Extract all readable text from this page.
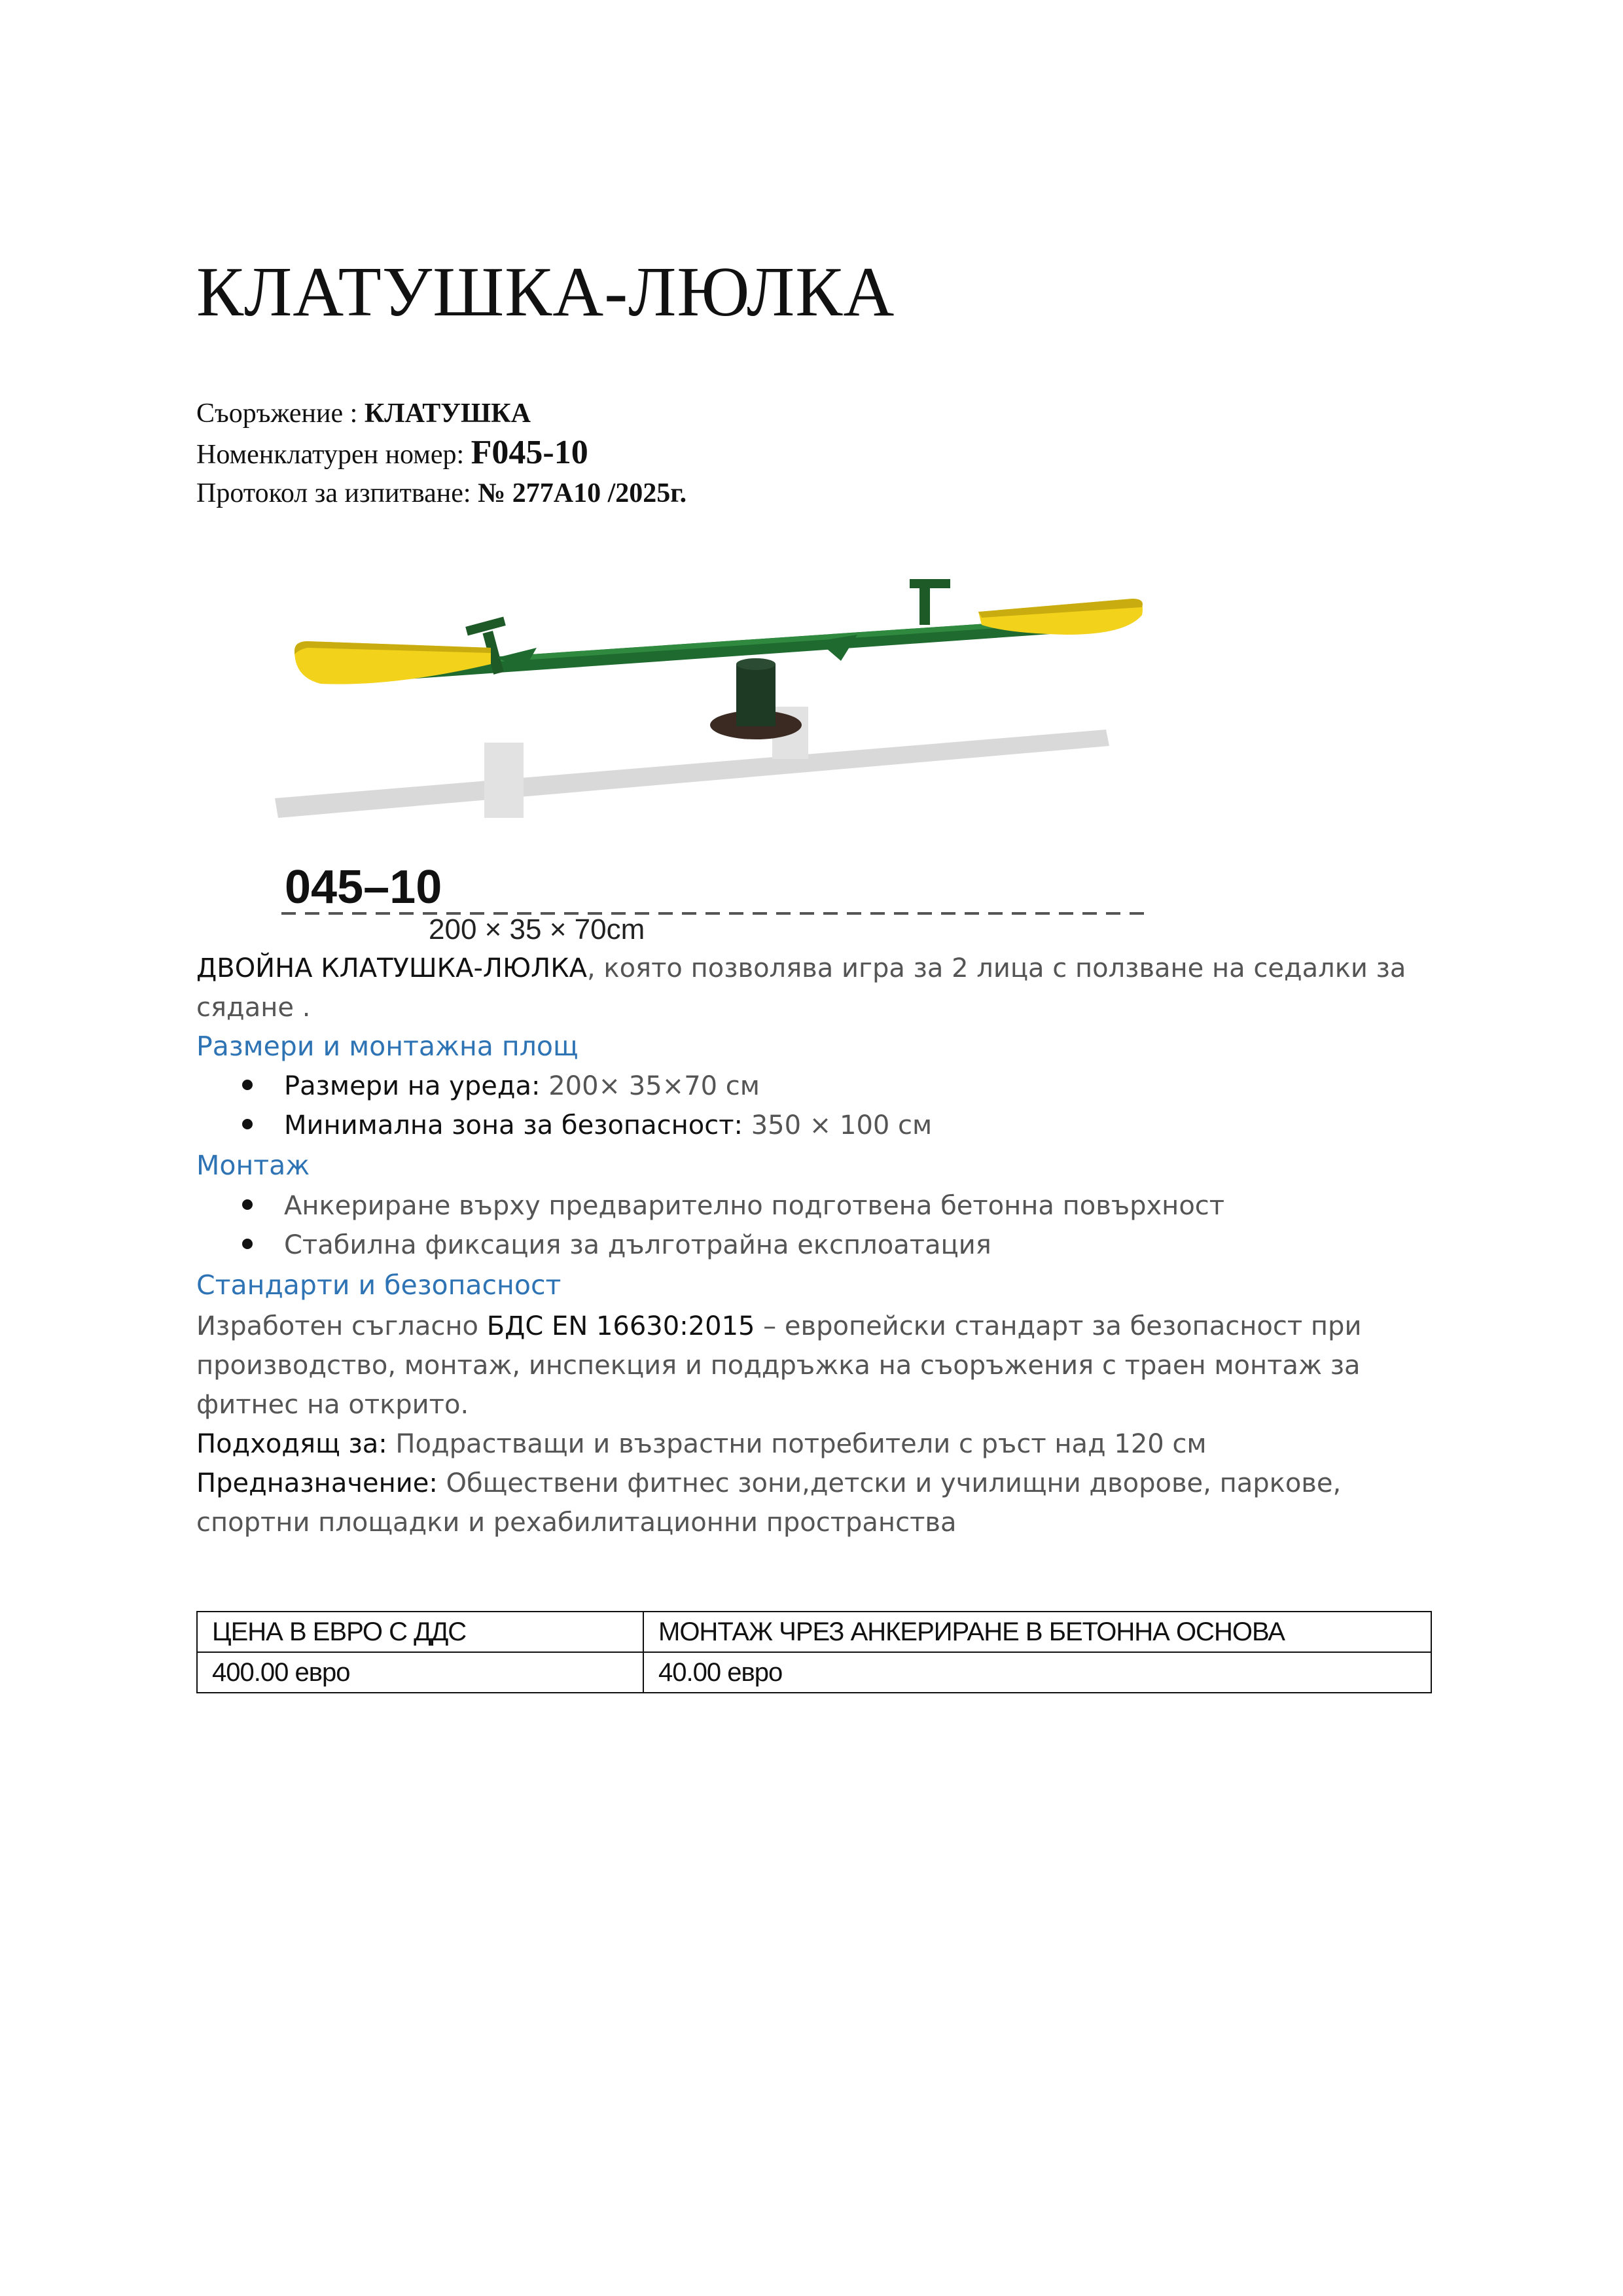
КЛАТУШКА-ЛЮЛКА
Съоръжение : КЛАТУШКА
Номенклатурен номер: F045-10
Протокол за изпитване: № 277А10 /2025г.
045–10
200 × 35 × 70cm
ДВОЙНА КЛАТУШКА-ЛЮЛКА, която позволява игра за 2 лица с ползване на седалки за
сядане .
Размери и монтажна площ
Размери на уреда: 200× 35×70 см
Минимална зона за безопасност: 350 × 100 см
Монтаж
Анкериране върху предварително подготвена бетонна повърхност
Стабилна фиксация за дълготрайна експлоатация
Стандарти и безопасност
Изработен съгласно БДС EN 16630:2015 – европейски стандарт за безопасност при
производство, монтаж, инспекция и поддръжка на съоръжения с траен монтаж за
фитнес на открито.
Подходящ за: Подрастващи и възрастни потребители с ръст над 120 см
Предназначение: Обществени фитнес зони,детски и училищни дворове, паркове,
спортни площадки и рехабилитационни пространства
ЦЕНА В ЕВРО С ДДС	МОНТАЖ ЧРЕЗ АНКЕРИРАНЕ В БЕТОННА ОСНОВА
400.00 евро	40.00 евро
